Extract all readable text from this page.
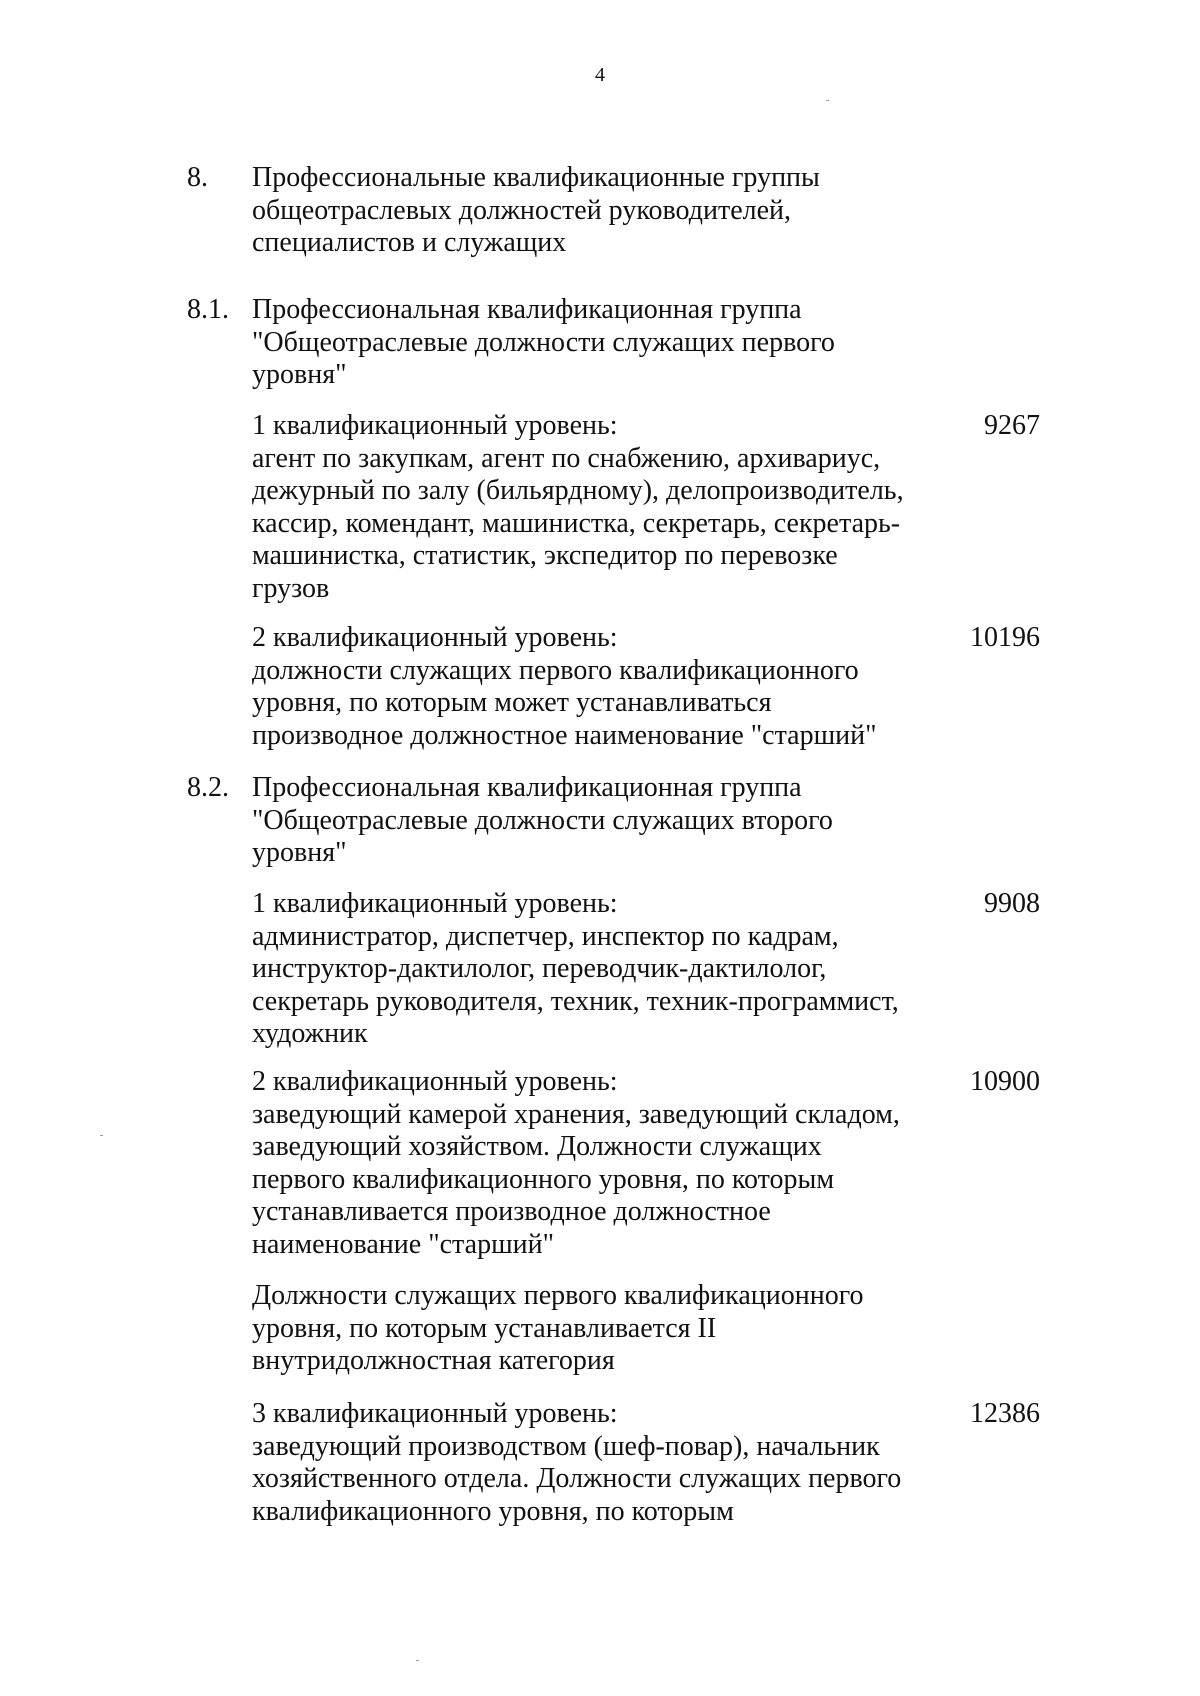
4
8. Профессиональные квалификационные группы
общеотраслевых должностей руководителей,
специалистов и служащих
8.1. Профессиональная квалификационная группа
"Общеотраслевые должности служащих первого
уровня"
1 квалификационный уровень:
агент по закупкам, агент по снабжению, архивариус,
дежурный по залу (бильярдному), делопроизводитель,
кассир, комендант, машинистка, секретарь, секретарь-
машинистка, статистик, экспедитор по перевозке
грузов
9267
2 квалификационный уровень:
должности служащих первого квалификационного
уровня, по которым может устанавливаться
производное должностное наименование "старший"
10196
8.2. Профессиональная квалификационная группа
"Общеотраслевые должности служащих второго
уровня"
1 квалификационный уровень:
администратор, диспетчер, инспектор по кадрам,
инструктор-дактилолог, переводчик-дактилолог,
секретарь руководителя, техник, техник-программист,
художник
9908
2 квалификационный уровень:
заведующий камерой хранения, заведующий складом,
заведующий хозяйством. Должности служащих
первого квалификационного уровня, по которым
устанавливается производное должностное
наименование "старший"
10900
Должности служащих первого квалификационного
уровня, по которым устанавливается II
внутридолжностная категория
3 квалификационный уровень:
заведующий производством (шеф-повар), начальник
хозяйственного отдела. Должности служащих первого
квалификационного уровня, по которым
12386
